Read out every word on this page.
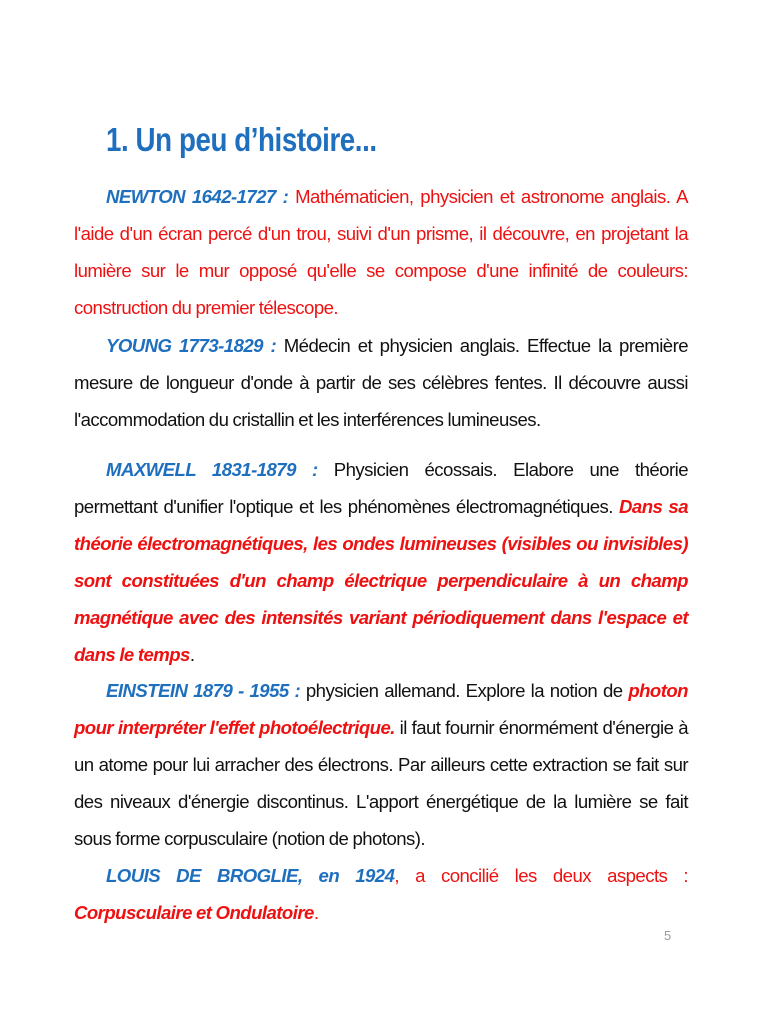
1. Un peu d’histoire...

NEWTON 1642-1727 : Mathématicien, physicien et astronome anglais. A l'aide d'un écran percé d'un trou, suivi d'un prisme, il découvre, en projetant la lumière sur le mur opposé qu'elle se compose d'une infinité de couleurs: construction du premier télescope.

YOUNG 1773-1829 : Médecin et physicien anglais. Effectue la première mesure de longueur d'onde à partir de ses célèbres fentes. Il découvre aussi l'accommodation du cristallin et les interférences lumineuses.

MAXWELL 1831-1879 : Physicien écossais. Elabore une théorie permettant d'unifier l'optique et les phénomènes électromagnétiques. Dans sa théorie électromagnétiques, les ondes lumineuses (visibles ou invisibles) sont constituées d'un champ électrique perpendiculaire à un champ magnétique avec des intensités variant périodiquement dans l'espace et dans le temps.

EINSTEIN 1879 - 1955 : physicien allemand. Explore la notion de photon pour interpréter l'effet photoélectrique. il faut fournir énormément d'énergie à un atome pour lui arracher des électrons. Par ailleurs cette extraction se fait sur des niveaux d'énergie discontinus. L'apport énergétique de la lumière se fait sous forme corpusculaire (notion de photons).

LOUIS DE BROGLIE, en 1924, a concilié les deux aspects : Corpusculaire et Ondulatoire.

5
